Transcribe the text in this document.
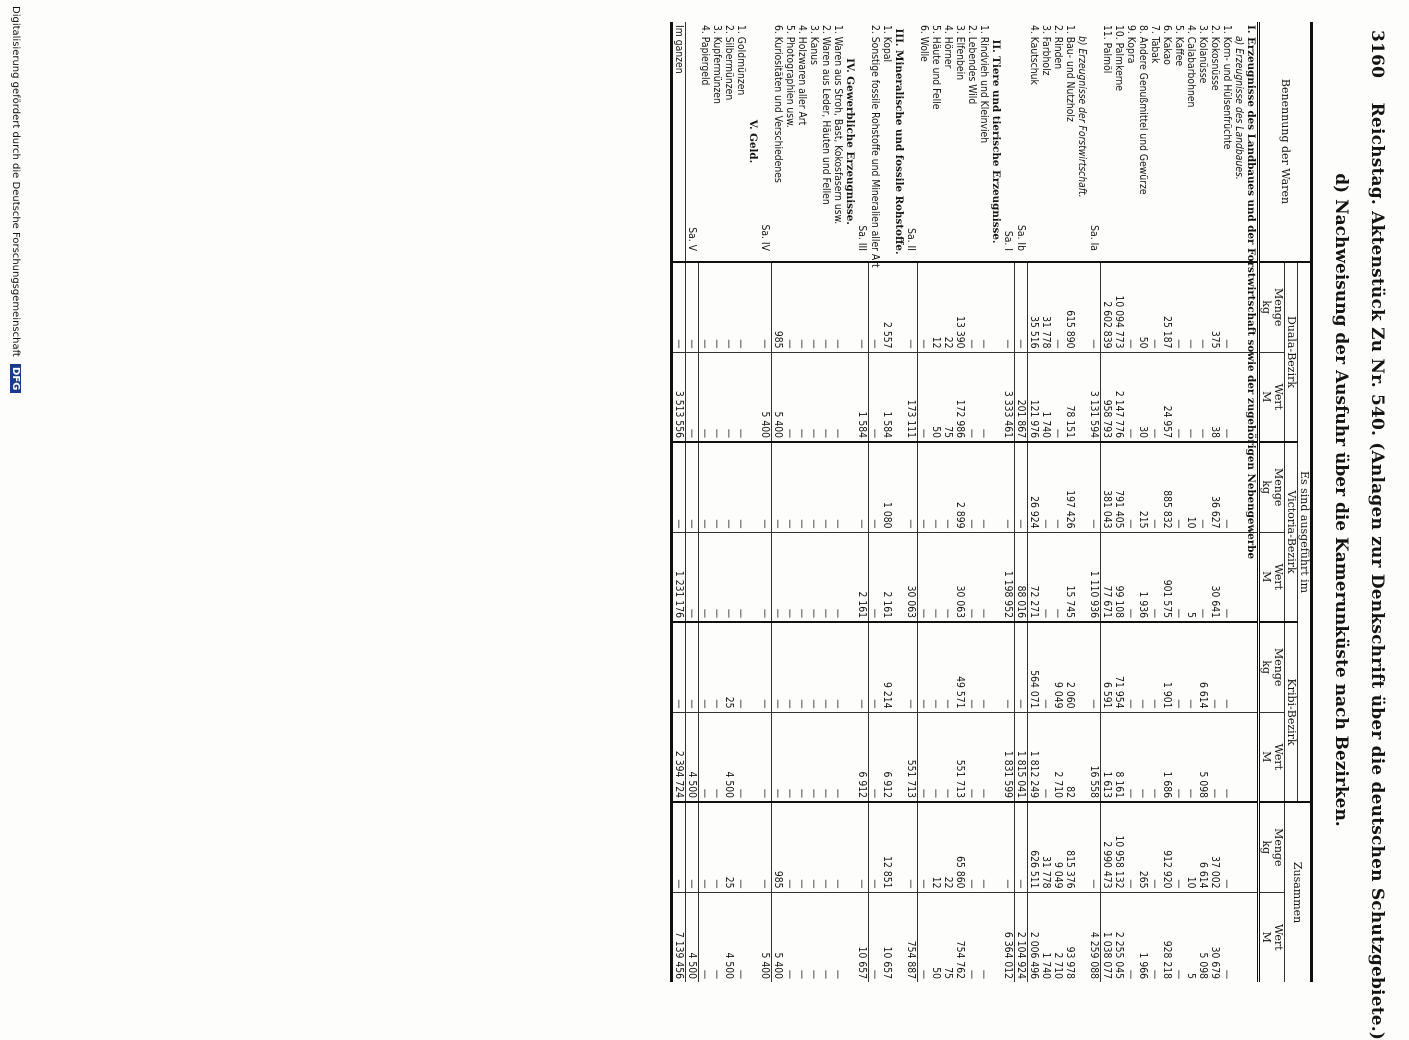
3160    Reichstag. Aktenstück Zu Nr. 540. (Anlagen zur Denkschrift über die deutschen Schutzgebiete.)
d) Nachweisung der Ausfuhr über die Kamerunküste nach Bezirken.
Benennung der Waren	Es sind ausgeführt im						Zusammen	
	Duala-Bezirk		Victoria-Bezirk		Kribi-Bezirk			
	Menge	Wert	Menge	Wert	Menge	Wert	Menge	Wert
	kg	M	kg	M	kg	M	kg	M
I. Erzeugnisse des Landbaues und der Forstwirtschaft sowie der zugehörigen Nebengewerbe								
a) Erzeugnisse des Landbaues.								
1. Korn- und Hülsenfrüchte	—	—	—	—	—	—	—	—
2. Kokosnüsse	375	38	36 627	30 641	—	—	37 002	30 679
3. Kolanüsse	—	—	—	—	6 614	5 098	6 614	5 098
4. Calabarbohnen	—	—	10	5	—	—	10	5
5. Kaffee	—	—	—	—	—	—	—	—
6. Kakao	25 187	24 957	885 832	901 575	1 901	1 686	912 920	928 218
7. Tabak	—	—	—	—	—	—	—	—
8. Andere Genußmittel und Gewürze	50	30	215	1 936	—	—	265	1 966
9. Kopra	—	—	—	—	—	—	—	—
10. Palmkerne	10 094 773	2 147 776	791 405	99 108	71 954	8 161	10 958 132	2 255 045
11. Palmöl	2 602 839	958 793	381 043	77 671	6 591	1 613	2 990 473	1 038 077
Sa. Ia	—	3 131 594	—	1 110 936	—	16 558	—	4 259 088
b) Erzeugnisse der Forstwirtschaft.								
1. Bau- und Nutzholz	615 890	78 151	197 426	15 745	2 060	82	815 376	93 978
2. Rinden	—	—	—	—	9 049	2 710	9 049	2 710
3. Farbholz	31 778	1 740	—	—	—	—	31 778	1 740
4. Kautschuk	35 516	121 976	26 924	72 271	564 071	1 812 249	626 511	2 006 496
Sa. Ib	—	201 867	—	88 016	—	1 815 041	—	2 104 924
Sa. I	—	3 333 461	—	1 198 952	—	1 831 599	—	6 364 012
II. Tiere und tierische Erzeugnisse.								
1. Rindvieh und Kleinvieh	—	—	—	—	—	—	—	—
2. Lebendes Wild	—	—	—	—	—	—	—	—
3. Elfenbein	13 390	172 986	2 899	30 063	49 571	551 713	65 860	754 762
4. Hörner	22	75	—	—	—	—	22	75
5. Häute und Felle	12	50	—	—	—	—	12	50
6. Wolle	—	—	—	—	—	—	—	—
Sa. II	—	173 111	—	30 063	—	551 713	—	754 887
III. Mineralische und fossile Rohstoffe.								
1. Kopal	2 557	1 584	1 080	2 161	9 214	6 912	12 851	10 657
2. Sonstige fossile Rohstoffe und Mineralien aller Art	—	—	—	—	—	—	—	—
Sa. III	—	1 584	—	2 161	—	6 912	—	10 657
IV. Gewerbliche Erzeugnisse.								
1. Waren aus Stroh, Bast, Kokosfasern usw.	—	—	—	—	—	—	—	—
2. Waren aus Leder, Häuten und Fellen	—	—	—	—	—	—	—	—
3. Kanus	—	—	—	—	—	—	—	—
4. Holzwaren aller Art	—	—	—	—	—	—	—	—
5. Photographien usw.	—	—	—	—	—	—	—	—
6. Kuriositäten und Verschiedenes	985	5 400	—	—	—	—	985	5 400
Sa. IV	—	5 400	—	—	—	—	—	5 400
V. Geld.								
1. Goldmünzen	—	—	—	—	—	—	—	—
2. Silbermünzen	—	—	—	—	25	4 500	25	4 500
3. Kupfermünzen	—	—	—	—	—	—	—	—
4. Papiergeld	—	—	—	—	—	—	—	—
Sa. V	—	—	—	—	—	4 500	—	4 500
Im ganzen	—	3 513 556	—	1 231 176	—	2 394 724	—	7 139 456
Digitalisierung gefördert durch die Deutsche Forschungsgemeinschaft DFG
